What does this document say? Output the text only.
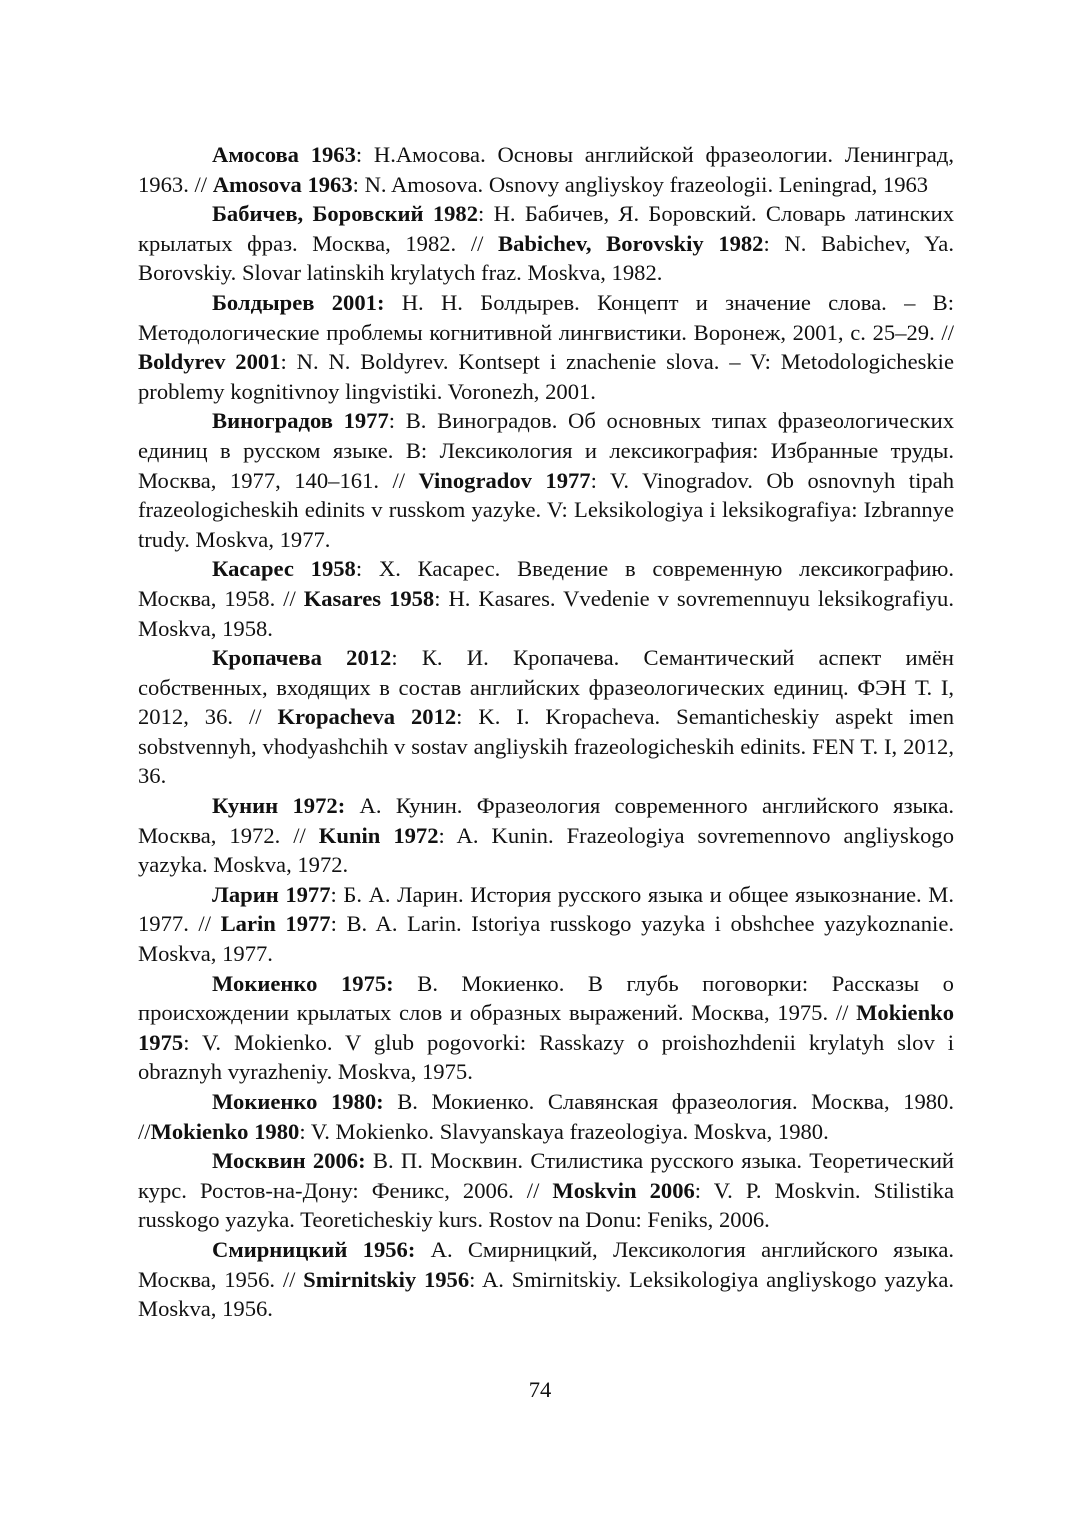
Амосова 1963: Н.Амосова. Основы английской фразеологии. Ленинград, 1963. // Amosova 1963: N. Amosova. Osnovy angliyskoy frazeologii. Leningrad, 1963

Бабичев, Боровский 1982: Н. Бабичев, Я. Боровский. Словарь латинских крылатых фраз. Москва, 1982. // Babichev, Borovskiy 1982: N. Babichev, Ya. Borovskiy. Slovar latinskih krylatych fraz. Moskva, 1982.

Болдырев 2001: Н. Н. Болдырев. Концепт и значение слова. – В: Методологические проблемы когнитивной лингвистики. Воронеж, 2001, с. 25–29. // Boldyrev 2001: N. N. Boldyrev. Kontsept i znachenie slova. – V: Metodologicheskie problemy kognitivnoy lingvistiki. Voronezh, 2001.

Виноградов 1977: В. Виноградов. Об основных типах фразеологических единиц в русском языке. В: Лексикология и лексикография: Избранные труды. Москва, 1977, 140–161. // Vinogradov 1977: V. Vinogradov. Ob osnovnyh tipah frazeologicheskih edinits v russkom yazyke. V: Leksikologiya i leksikografiya: Izbrannye trudy. Moskva, 1977.

Касарес 1958: Х. Касарес. Введение в современную лексикографию. Москва, 1958. // Kasares 1958: H. Kasares. Vvedenie v sovremennuyu leksikografiyu. Moskva, 1958.

Кропачева 2012: К. И. Кропачева. Семантический аспект имён собственных, входящих в состав английских фразеологических единиц. ФЭН Т. I, 2012, 36. // Kropacheva 2012: K. I. Kropacheva. Semanticheskiy aspekt imen sobstvennyh, vhodyashchih v sostav angliyskih frazeologicheskih edinits. FEN T. I, 2012, 36.

Кунин 1972: А. Кунин. Фразеология современного английского языка. Москва, 1972. // Kunin 1972: A. Kunin. Frazeologiya sovremennovo angliyskogo yazyka. Moskva, 1972.

Ларин 1977: Б. А. Ларин. История русского языка и общее языкознание. М. 1977. // Larin 1977: B. A. Larin. Istoriya russkogo yazyka i obshchee yazykoznanie. Moskva, 1977.

Мокиенко 1975: В. Мокиенко. В глубь поговорки: Рассказы о происхождении крылатых слов и образных выражений. Москва, 1975. // Mokienko 1975: V. Mokienko. V glub pogovorki: Rasskazy o proishozhdenii krylatyh slov i obraznyh vyrazheniy. Moskva, 1975.

Мокиенко 1980: В. Мокиенко. Славянская фразеология. Москва, 1980. //Mokienko 1980: V. Mokienko. Slavyanskaya frazeologiya. Moskva, 1980.

Москвин 2006: В. П. Москвин. Стилистика русского языка. Теоретический курс. Ростов-на-Дону: Феникс, 2006. // Moskvin 2006: V. P. Moskvin. Stilistika russkogo yazyka. Teoreticheskiy kurs. Rostov na Donu: Feniks, 2006.

Смирницкий 1956: А. Смирницкий, Лексикология английского языка. Москва, 1956. // Smirnitskiy 1956: A. Smirnitskiy. Leksikologiya angliyskogo yazyka. Moskva, 1956.

74
